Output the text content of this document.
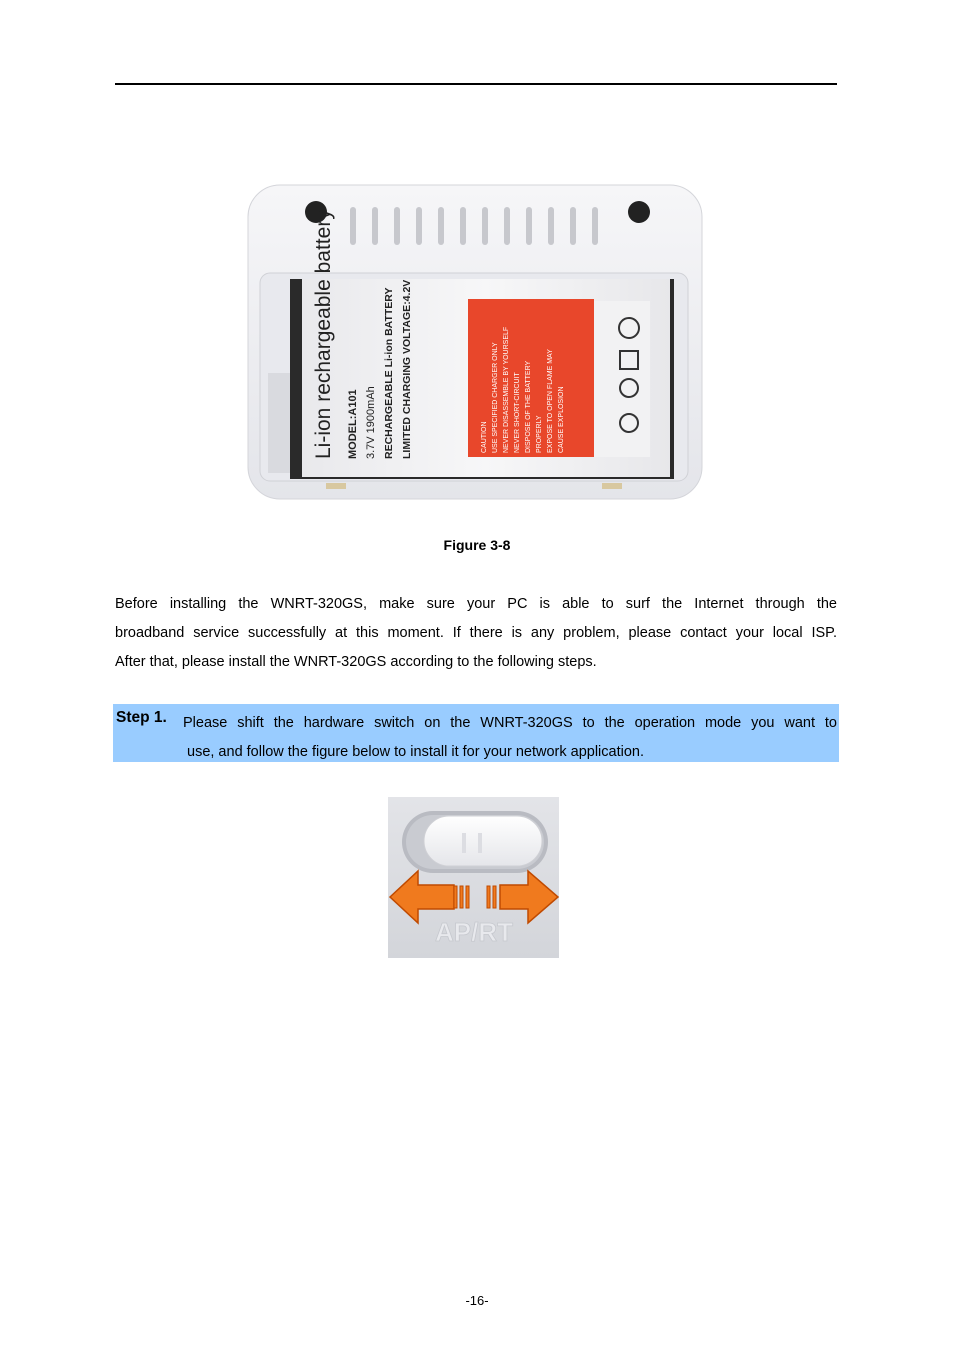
Li-ion rechargeable battery MODEL:A101 3.7V 1900mAh RECHARGEABLE Li-ion BATTERY LIMITED CHARGING VOLTAGE:4.2V	CAUTION USE SPECIFIED CHARGER ONLY NEVER DISASSEMBLE BY YOURSELF NEVER SHORT-CIRCUIT DISPOSE OF THE BATTERY PROPERLY EXPOSE TO OPEN FLAME MAY CAUSE EXPLOSION
Figure 3-8
Before installing the WNRT-320GS, make sure your PC is able to surf the Internet through the
broadband service successfully at this moment. If there is any problem, please contact your local ISP.
After that, please install the WNRT-320GS according to the following steps.
Step 1. Please shift the hardware switch on the WNRT-320GS to the operation mode you want to
use, and follow the figure below to install it for your network application.
AP/RT
-16-
